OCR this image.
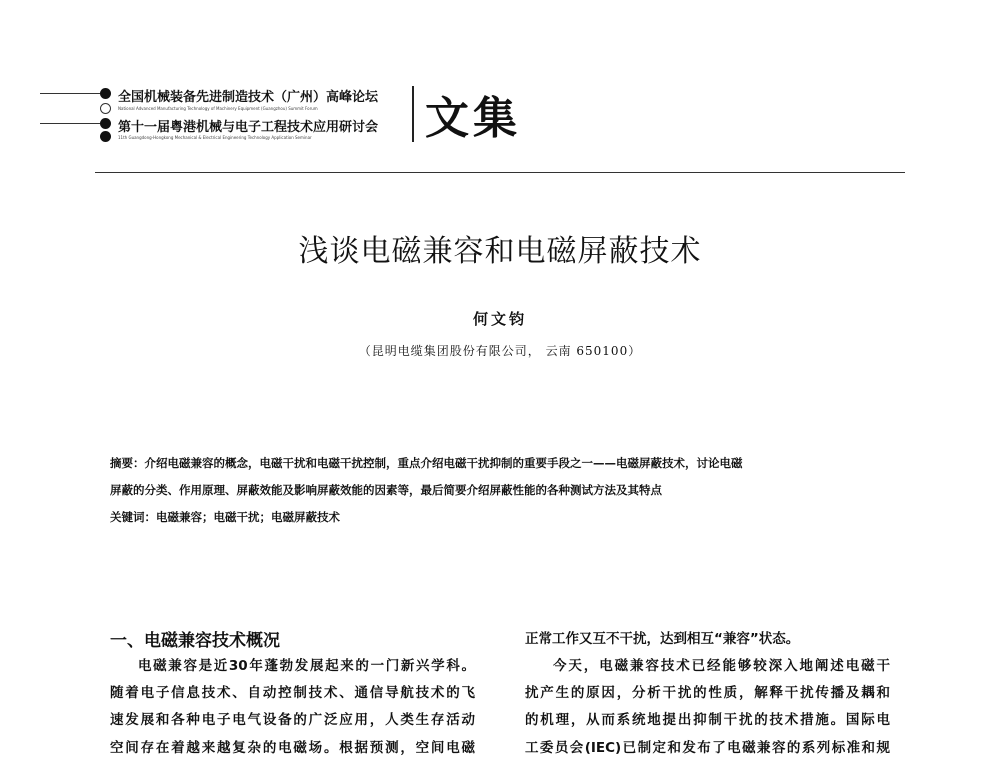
全国机械装备先进制造技术（广州）高峰论坛
National Advanced Manufacturing Technology of Machinery Equipment (Guangzhou) Summit Forum
第十一届粤港机械与电子工程技术应用研讨会
11th Guangdong-Hongkong Mechanical & Electrical Engineering Technology Application Seminar	文集
浅谈电磁兼容和电磁屏蔽技术
何文钧
（昆明电缆集团股份有限公司， 云南 650100）
摘要：介绍电磁兼容的概念，电磁干扰和电磁干扰控制，重点介绍电磁干扰抑制的重要手段之一——电磁屏蔽技术，讨论电磁
屏蔽的分类、作用原理、屏蔽效能及影响屏蔽效能的因素等，最后简要介绍屏蔽性能的各种测试方法及其特点
关键词：电磁兼容；电磁干扰；电磁屏蔽技术
一、电磁兼容技术概况
电磁兼容是近30年蓬勃发展起来的一门新兴学科。
随着电子信息技术、自动控制技术、通信导航技术的飞
速发展和各种电子电气设备的广泛应用，人类生存活动
空间存在着越来越复杂的电磁场。根据预测，空间电磁
正常工作又互不干扰，达到相互“兼容”状态。
今天，电磁兼容技术已经能够较深入地阐述电磁干
扰产生的原因，分析干扰的性质，解释干扰传播及耦和
的机理，从而系统地提出抑制干扰的技术措施。国际电
工委员会(IEC)已制定和发布了电磁兼容的系列标准和规
